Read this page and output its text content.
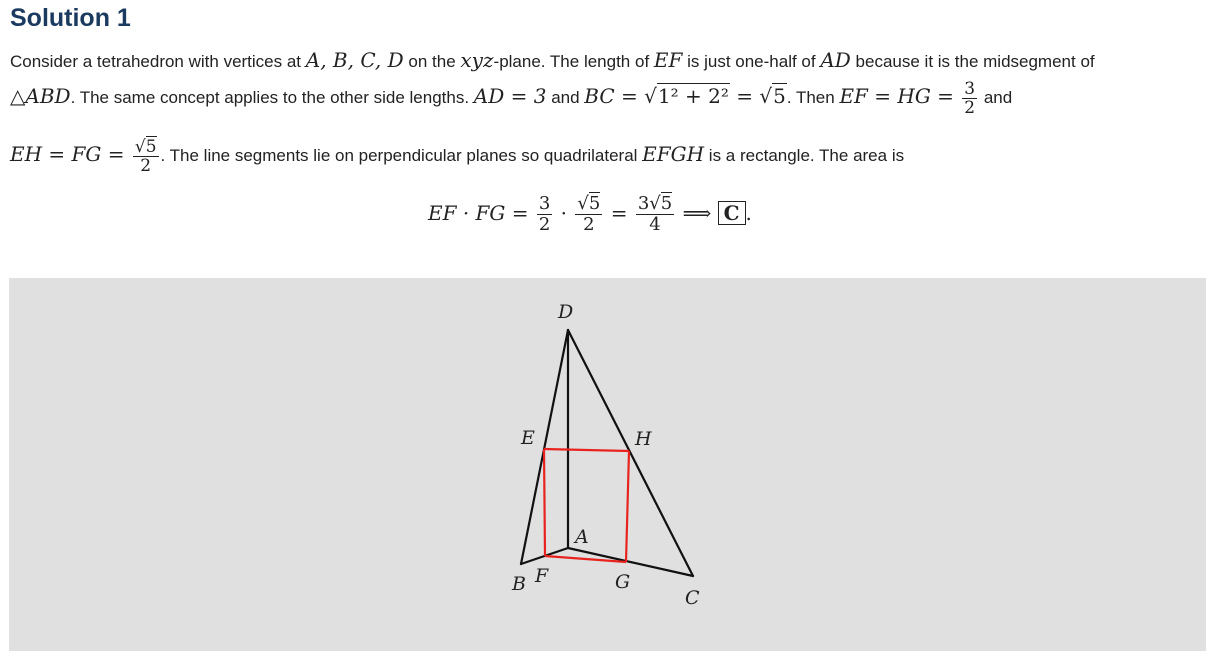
Solution 1
Consider a tetrahedron with vertices at A, B, C, D on the xyz-plane. The length of EF is just one-half of AD because it is the midsegment of
△ABD. The same concept applies to the other side lengths. AD = 3 and BC = √1² + 2² = √5. Then EF = HG = $\frac{3}{2}$ and
EH = FG = $\frac{√5}{2}$ . The line segments lie on perpendicular planes so quadrilateral EFGH is a rectangle. The area is
EF · FG = $\frac{3}{2} \cdot \frac{√5}{2} = \frac{3√5}{4}$ ⟹ C .
D
E	H
A
B F	G
C
